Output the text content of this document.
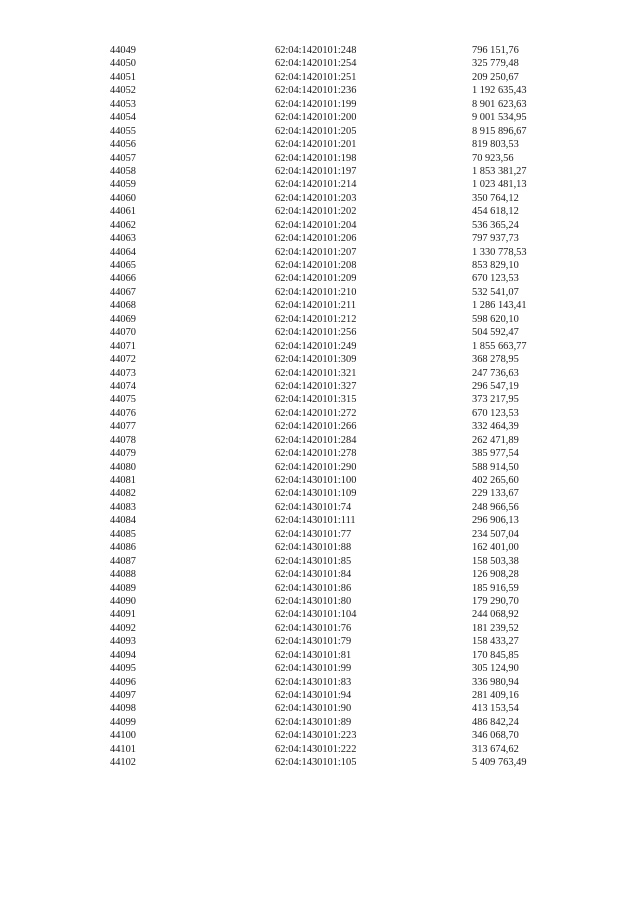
44049	62:04:1420101:248	796 151,76
44050	62:04:1420101:254	325 779,48
44051	62:04:1420101:251	209 250,67
44052	62:04:1420101:236	1 192 635,43
44053	62:04:1420101:199	8 901 623,63
44054	62:04:1420101:200	9 001 534,95
44055	62:04:1420101:205	8 915 896,67
44056	62:04:1420101:201	819 803,53
44057	62:04:1420101:198	70 923,56
44058	62:04:1420101:197	1 853 381,27
44059	62:04:1420101:214	1 023 481,13
44060	62:04:1420101:203	350 764,12
44061	62:04:1420101:202	454 618,12
44062	62:04:1420101:204	536 365,24
44063	62:04:1420101:206	797 937,73
44064	62:04:1420101:207	1 330 778,53
44065	62:04:1420101:208	853 829,10
44066	62:04:1420101:209	670 123,53
44067	62:04:1420101:210	532 541,07
44068	62:04:1420101:211	1 286 143,41
44069	62:04:1420101:212	598 620,10
44070	62:04:1420101:256	504 592,47
44071	62:04:1420101:249	1 855 663,77
44072	62:04:1420101:309	368 278,95
44073	62:04:1420101:321	247 736,63
44074	62:04:1420101:327	296 547,19
44075	62:04:1420101:315	373 217,95
44076	62:04:1420101:272	670 123,53
44077	62:04:1420101:266	332 464,39
44078	62:04:1420101:284	262 471,89
44079	62:04:1420101:278	385 977,54
44080	62:04:1420101:290	588 914,50
44081	62:04:1430101:100	402 265,60
44082	62:04:1430101:109	229 133,67
44083	62:04:1430101:74	248 966,56
44084	62:04:1430101:111	296 906,13
44085	62:04:1430101:77	234 507,04
44086	62:04:1430101:88	162 401,00
44087	62:04:1430101:85	158 503,38
44088	62:04:1430101:84	126 908,28
44089	62:04:1430101:86	185 916,59
44090	62:04:1430101:80	179 290,70
44091	62:04:1430101:104	244 068,92
44092	62:04:1430101:76	181 239,52
44093	62:04:1430101:79	158 433,27
44094	62:04:1430101:81	170 845,85
44095	62:04:1430101:99	305 124,90
44096	62:04:1430101:83	336 980,94
44097	62:04:1430101:94	281 409,16
44098	62:04:1430101:90	413 153,54
44099	62:04:1430101:89	486 842,24
44100	62:04:1430101:223	346 068,70
44101	62:04:1430101:222	313 674,62
44102	62:04:1430101:105	5 409 763,49
